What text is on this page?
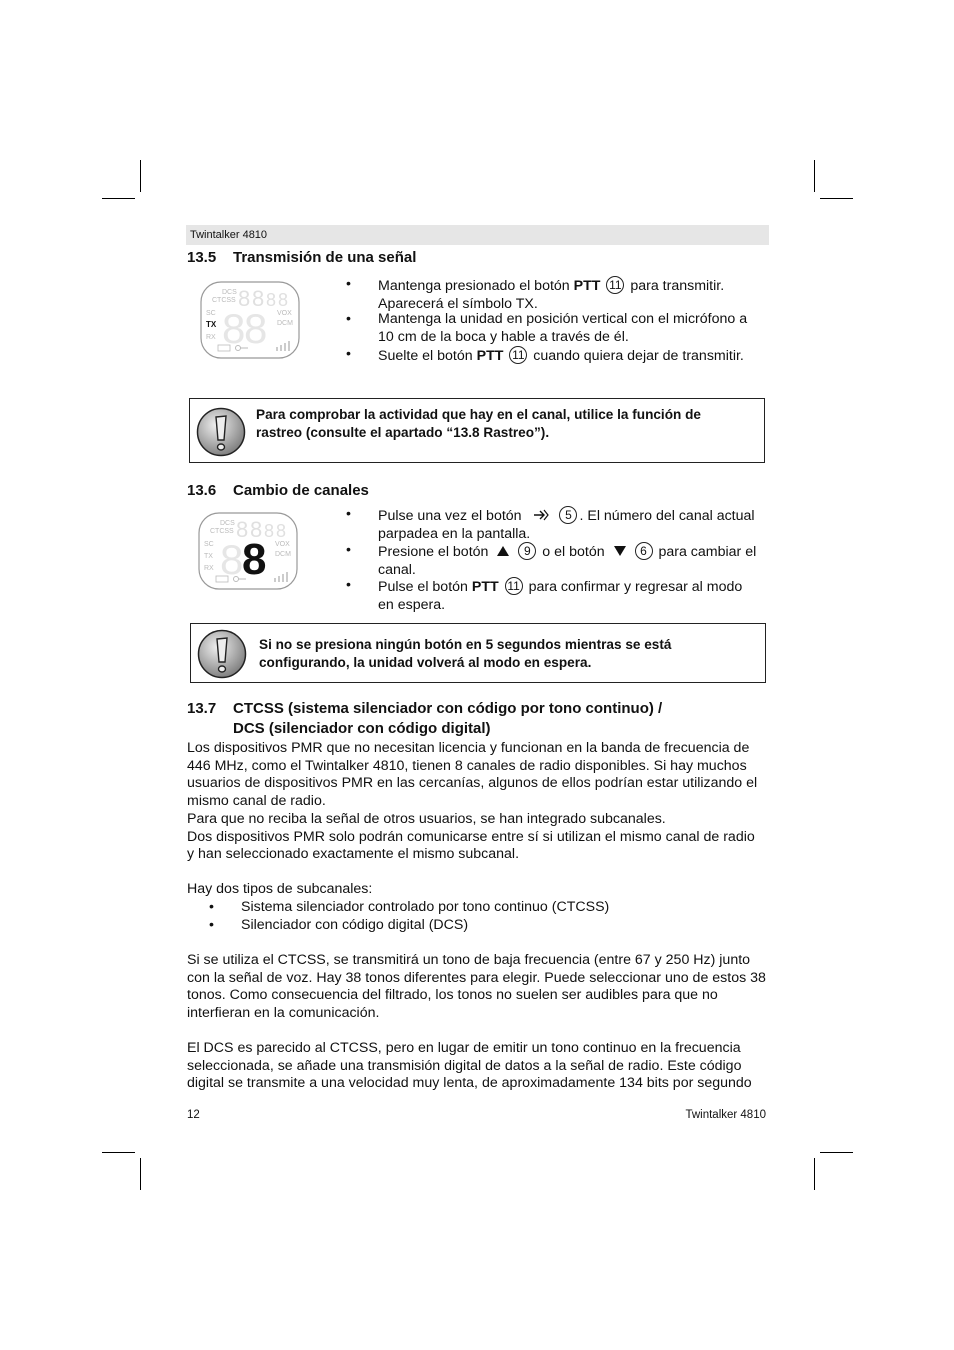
Twintalker 4810
13.5 Transmisión de una señal
DCS
CTCSS 8 8 8 8
SC
TX
RX 8
8 VOX
DCM
• Mantenga presionado el botón PTT 11 para transmitir.
Aparecerá el símbolo TX.
• Mantenga la unidad en posición vertical con el micrófono a
10 cm de la boca y hable a través de él.
• Suelte el botón PTT 11 cuando quiera dejar de transmitir.
Para comprobar la actividad que hay en el canal, utilice la función de
rastreo (consulte el apartado “13.8 Rastreo”).
13.6 Cambio de canales
DCS
CTCSS 8 8 8 8
SC
TX
RX 8
8 VOX
DCM
• Pulse una vez el botón	5 . El número del canal actual
parpadea en la pantalla.
• Presione el botón	9 o el botón	6 para cambiar el
canal.
• Pulse el botón PTT 11 para confirmar y regresar al modo
en espera.
Si no se presiona ningún botón en 5 segundos mientras se está
configurando, la unidad volverá al modo en espera.
13.7 CTCSS (sistema silenciador con código por tono continuo) /
DCS (silenciador con código digital)
Los dispositivos PMR que no necesitan licencia y funcionan en la banda de frecuencia de
446 MHz, como el Twintalker 4810, tienen 8 canales de radio disponibles. Si hay muchos
usuarios de dispositivos PMR en las cercanías, algunos de ellos podrían estar utilizando el
mismo canal de radio.
Para que no reciba la señal de otros usuarios, se han integrado subcanales.
Dos dispositivos PMR solo podrán comunicarse entre sí si utilizan el mismo canal de radio
y han seleccionado exactamente el mismo subcanal.
Hay dos tipos de subcanales:
• Sistema silenciador controlado por tono continuo (CTCSS)
• Silenciador con código digital (DCS)
Si se utiliza el CTCSS, se transmitirá un tono de baja frecuencia (entre 67 y 250 Hz) junto
con la señal de voz. Hay 38 tonos diferentes para elegir. Puede seleccionar uno de estos 38
tonos. Como consecuencia del filtrado, los tonos no suelen ser audibles para que no
interfieran en la comunicación.
El DCS es parecido al CTCSS, pero en lugar de emitir un tono continuo en la frecuencia
seleccionada, se añade una transmisión digital de datos a la señal de radio. Este código
digital se transmite a una velocidad muy lenta, de aproximadamente 134 bits por segundo
12	Twintalker 4810
